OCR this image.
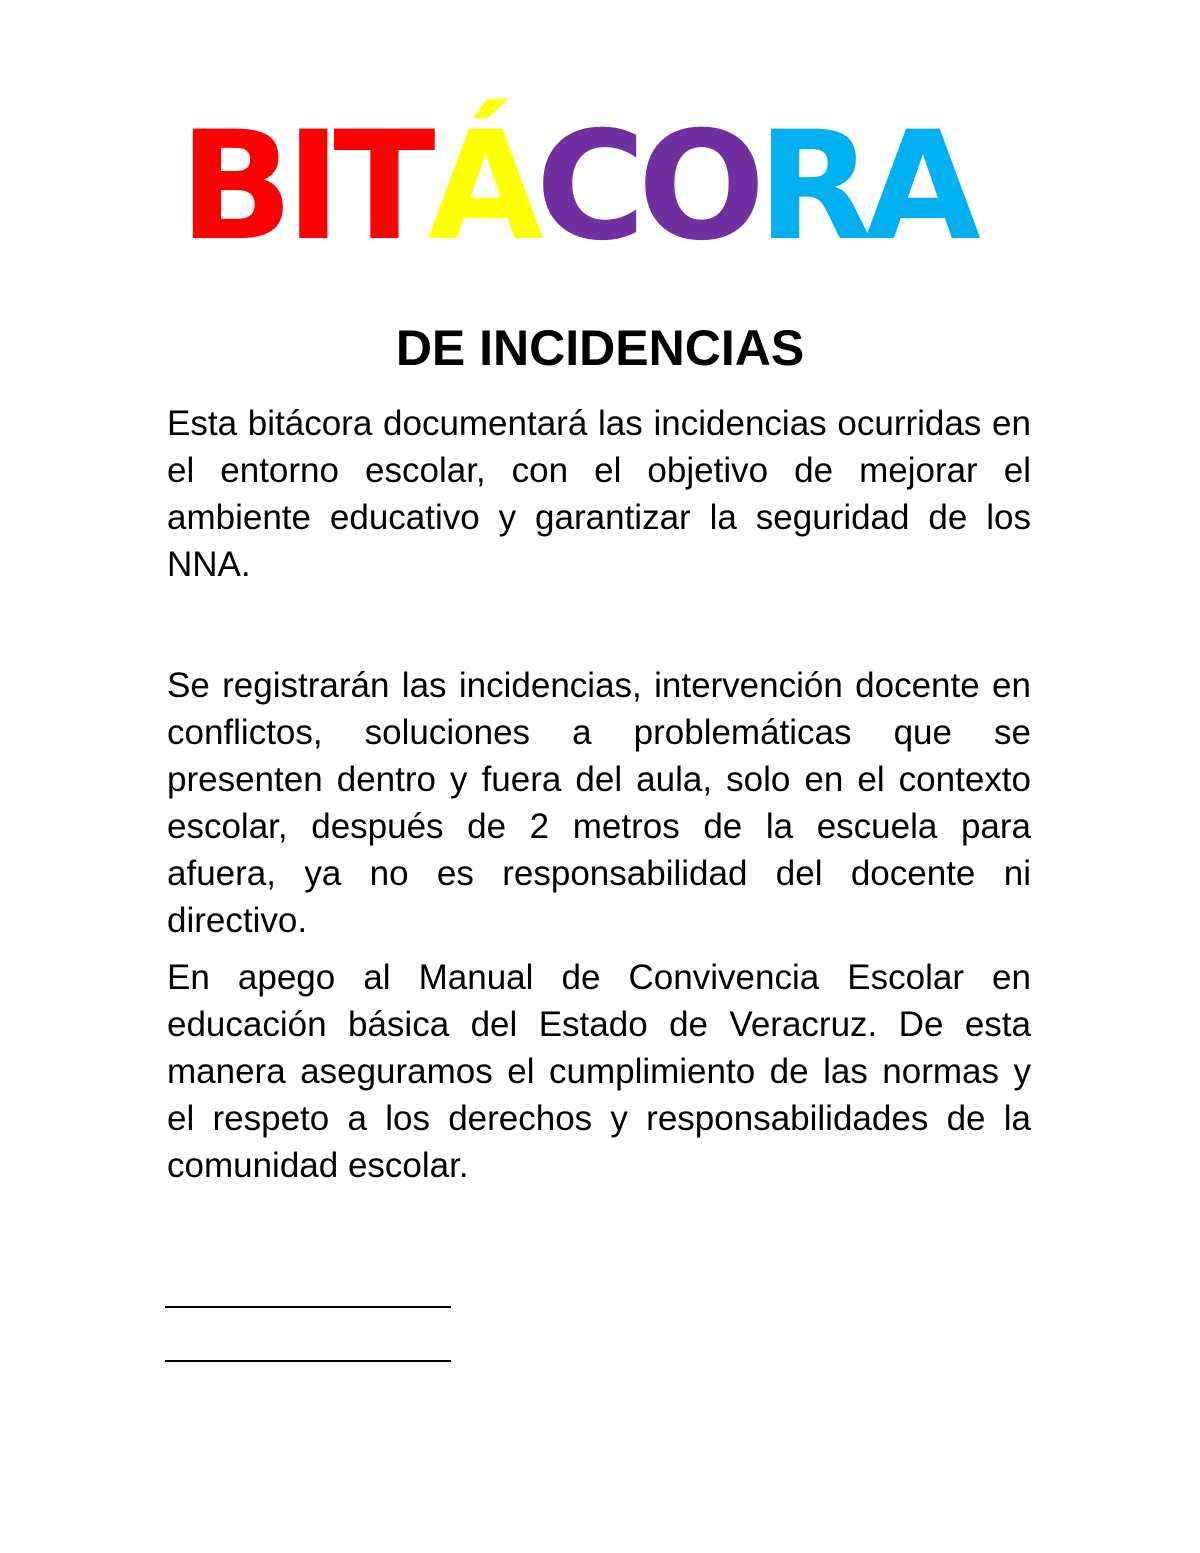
BITÁCORA
DE INCIDENCIAS
Esta bitácora documentará las incidencias ocurridas en el entorno escolar, con el objetivo de mejorar el ambiente educativo y garantizar la seguridad de los NNA.
Se registrarán las incidencias, intervención docente en conflictos, soluciones a problemáticas que se presenten dentro y fuera del aula, solo en el contexto escolar, después de 2 metros de la escuela para afuera, ya no es responsabilidad del docente ni directivo.
En apego al Manual de Convivencia Escolar en educación básica del Estado de Veracruz. De esta manera aseguramos el cumplimiento de las normas y el respeto a los derechos y responsabilidades de la comunidad escolar.
